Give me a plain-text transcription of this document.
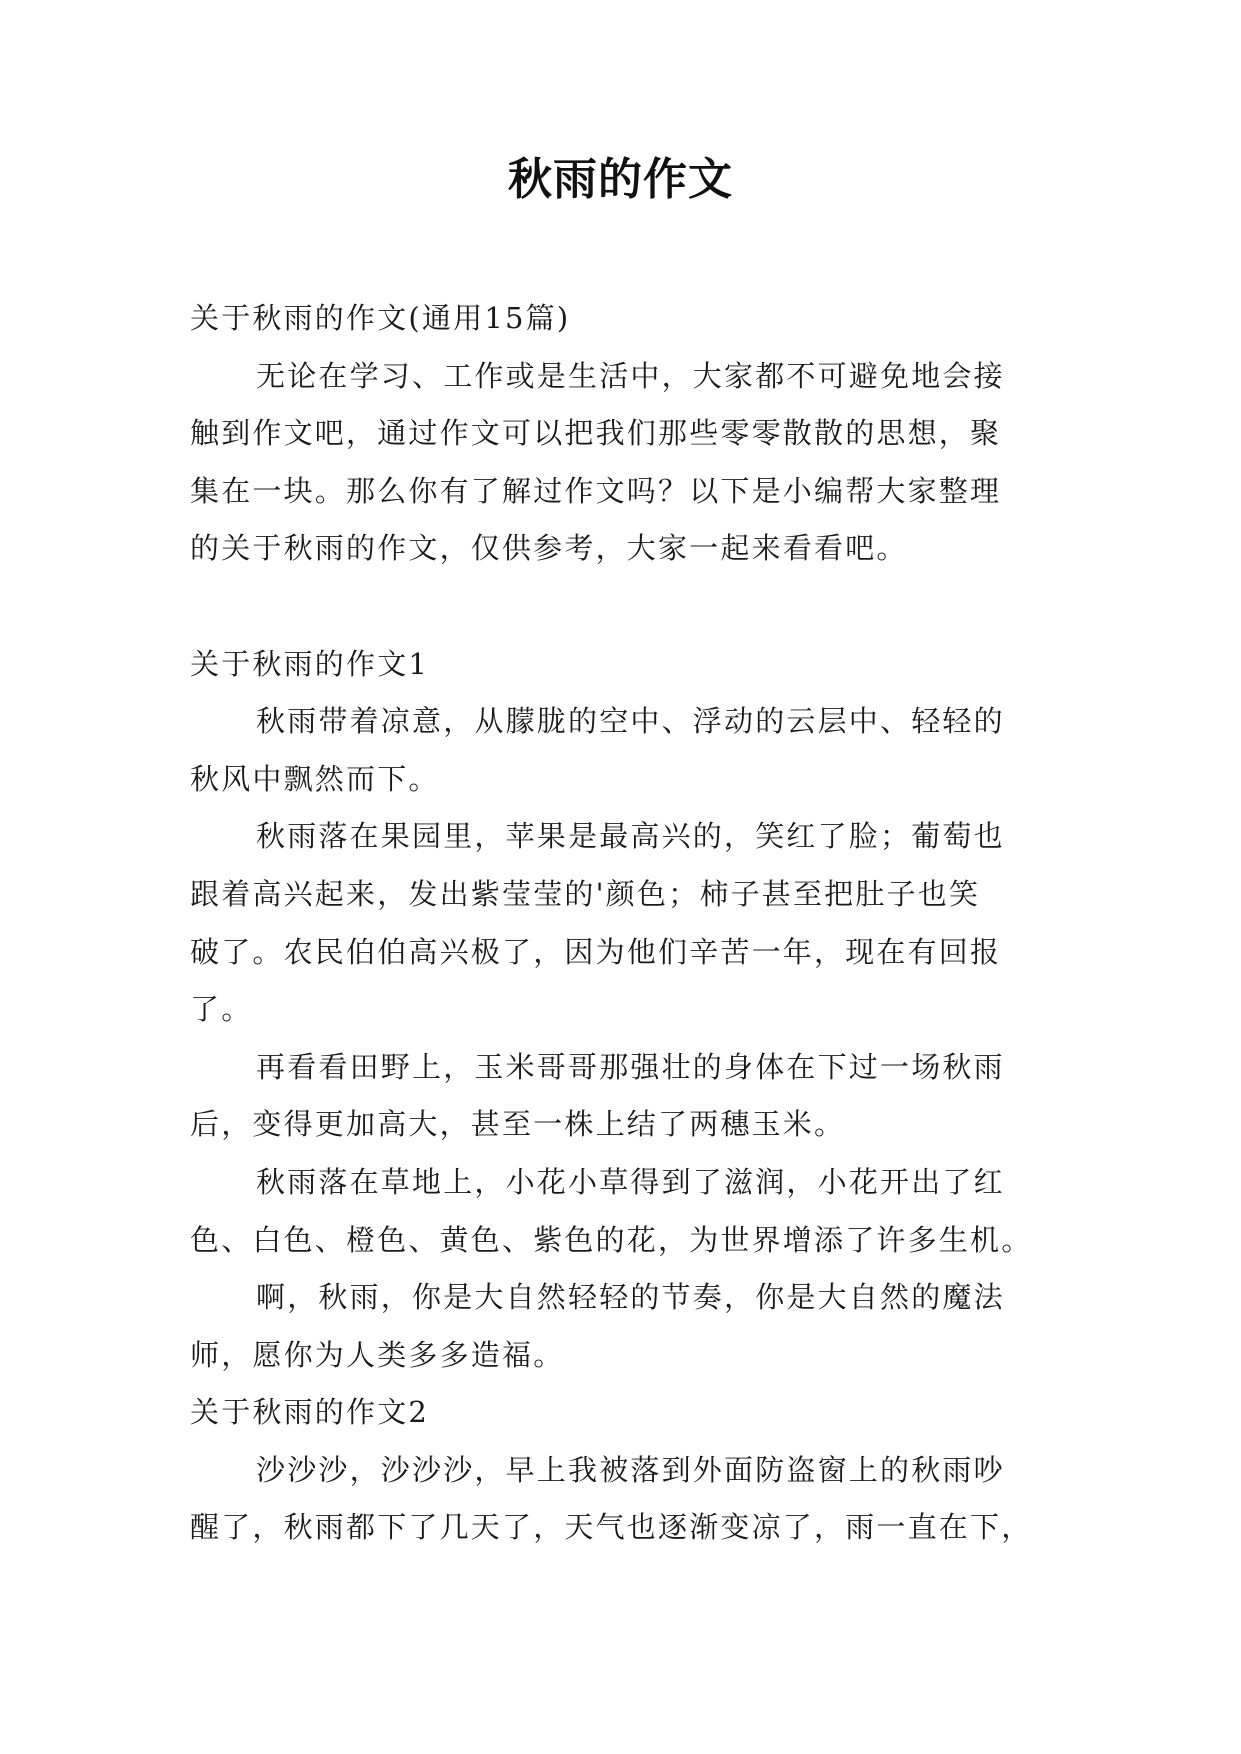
秋雨的作文
关于秋雨的作文(通用15篇)
无论在学习、工作或是生活中，大家都不可避免地会接
触到作文吧，通过作文可以把我们那些零零散散的思想，聚
集在一块。那么你有了解过作文吗？以下是小编帮大家整理
的关于秋雨的作文，仅供参考，大家一起来看看吧。
关于秋雨的作文1
秋雨带着凉意，从朦胧的空中、浮动的云层中、轻轻的
秋风中飘然而下。
秋雨落在果园里，苹果是最高兴的，笑红了脸；葡萄也
跟着高兴起来，发出紫莹莹的'颜色；柿子甚至把肚子也笑
破了。农民伯伯高兴极了，因为他们辛苦一年，现在有回报
了。
再看看田野上，玉米哥哥那强壮的身体在下过一场秋雨
后，变得更加高大，甚至一株上结了两穗玉米。
秋雨落在草地上，小花小草得到了滋润，小花开出了红
色、白色、橙色、黄色、紫色的花，为世界增添了许多生机。
啊，秋雨，你是大自然轻轻的节奏，你是大自然的魔法
师，愿你为人类多多造福。
关于秋雨的作文2
沙沙沙，沙沙沙，早上我被落到外面防盗窗上的秋雨吵
醒了，秋雨都下了几天了，天气也逐渐变凉了，雨一直在下，
